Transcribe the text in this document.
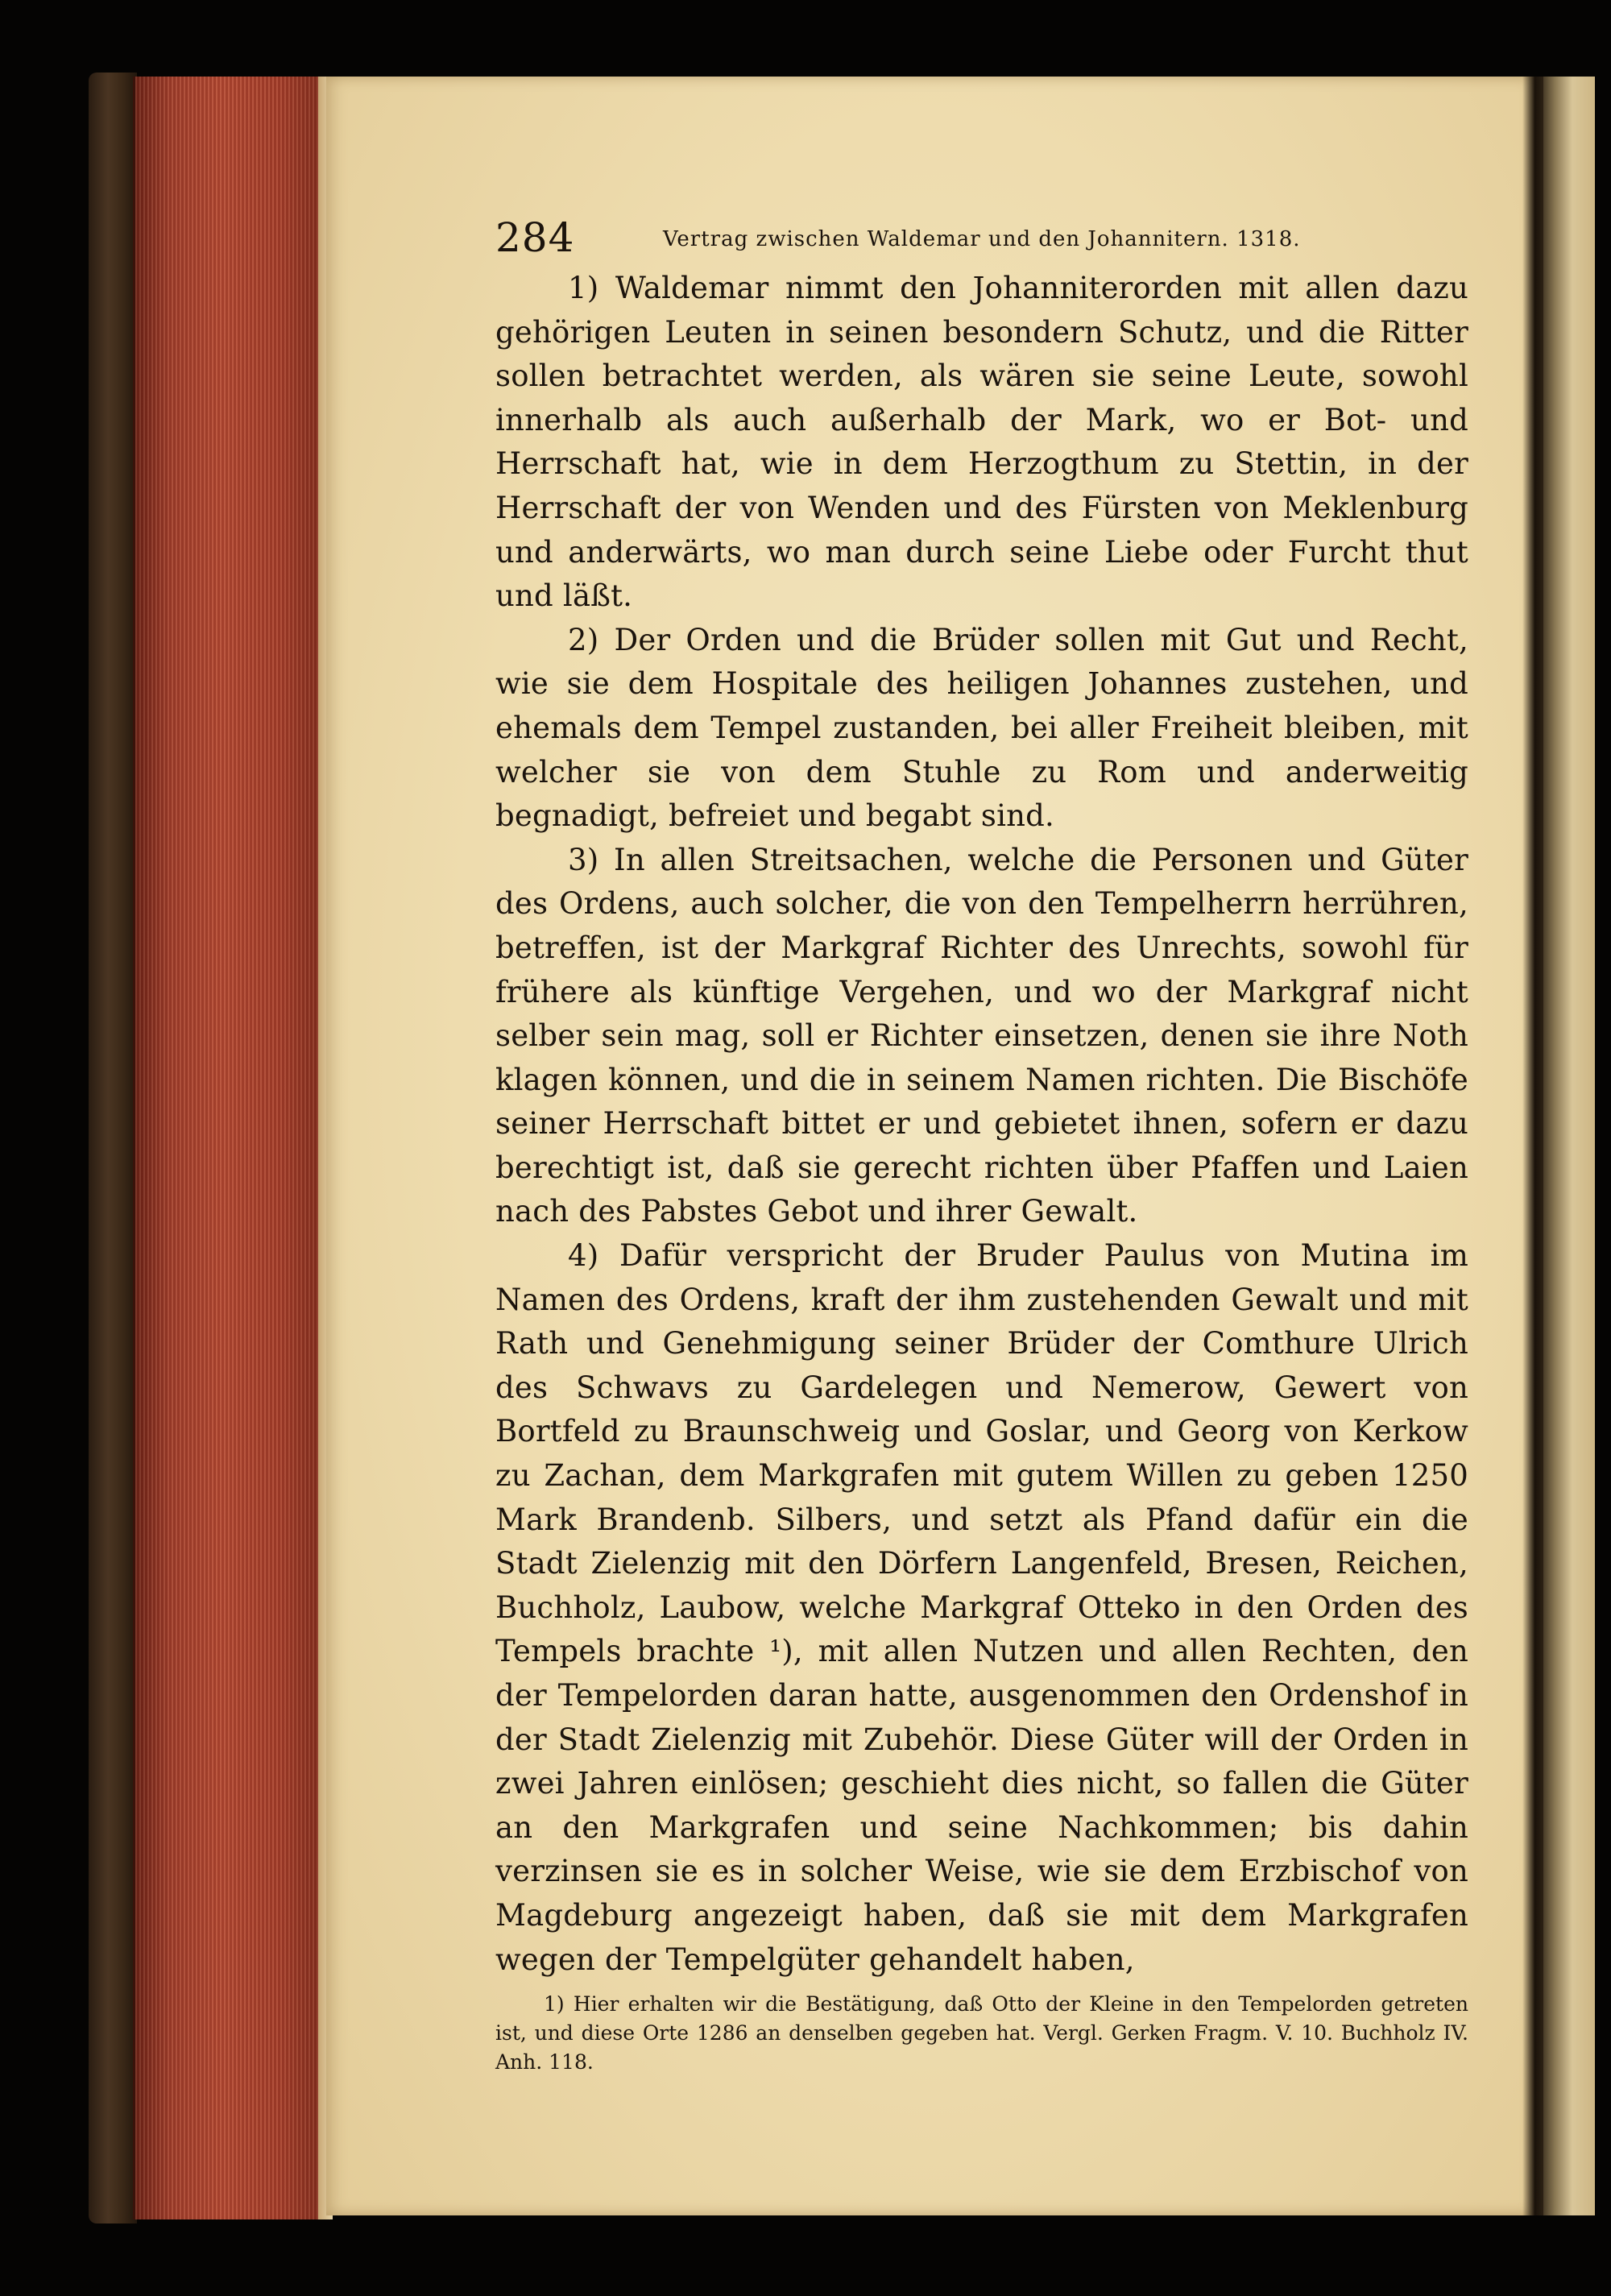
284	Vertrag zwischen Waldemar und den Johannitern. 1318.

1) Waldemar nimmt den Johanniterorden mit allen dazu gehörigen Leuten in seinen besondern Schutz, und die Ritter sollen betrachtet werden, als wären sie seine Leute, sowohl innerhalb als auch außerhalb der Mark, wo er Bot- und Herrschaft hat, wie in dem Herzogthum zu Stettin, in der Herrschaft der von Wenden und des Fürsten von Meklenburg und anderwärts, wo man durch seine Liebe oder Furcht thut und läßt.

2) Der Orden und die Brüder sollen mit Gut und Recht, wie sie dem Hospitale des heiligen Johannes zustehen, und ehemals dem Tempel zustanden, bei aller Freiheit bleiben, mit welcher sie von dem Stuhle zu Rom und anderweitig begnadigt, befreiet und begabt sind.

3) In allen Streitsachen, welche die Personen und Güter des Ordens, auch solcher, die von den Tempelherrn herrühren, betreffen, ist der Markgraf Richter des Unrechts, sowohl für frühere als künftige Vergehen, und wo der Markgraf nicht selber sein mag, soll er Richter einsetzen, denen sie ihre Noth klagen können, und die in seinem Namen richten. Die Bischöfe seiner Herrschaft bittet er und gebietet ihnen, sofern er dazu berechtigt ist, daß sie gerecht richten über Pfaffen und Laien nach des Pabstes Gebot und ihrer Gewalt.

4) Dafür verspricht der Bruder Paulus von Mutina im Namen des Ordens, kraft der ihm zustehenden Gewalt und mit Rath und Genehmigung seiner Brüder der Comthure Ulrich des Schwavs zu Gardelegen und Nemerow, Gewert von Bortfeld zu Braunschweig und Goslar, und Georg von Kerkow zu Zachan, dem Markgrafen mit gutem Willen zu geben 1250 Mark Brandenb. Silbers, und setzt als Pfand dafür ein die Stadt Zielenzig mit den Dörfern Langenfeld, Bresen, Reichen, Buchholz, Laubow, welche Markgraf Otteko in den Orden des Tempels brachte ¹), mit allen Nutzen und allen Rechten, den der Tempelorden daran hatte, ausgenommen den Ordenshof in der Stadt Zielenzig mit Zubehör. Diese Güter will der Orden in zwei Jahren einlösen; geschieht dies nicht, so fallen die Güter an den Markgrafen und seine Nachkommen; bis dahin verzinsen sie es in solcher Weise, wie sie dem Erzbischof von Magdeburg angezeigt haben, daß sie mit dem Markgrafen wegen der Tempelgüter gehandelt haben,

1) Hier erhalten wir die Bestätigung, daß Otto der Kleine in den Tempelorden getreten ist, und diese Orte 1286 an denselben gegeben hat. Vergl. Gerken Fragm. V. 10. Buchholz IV. Anh. 118.
